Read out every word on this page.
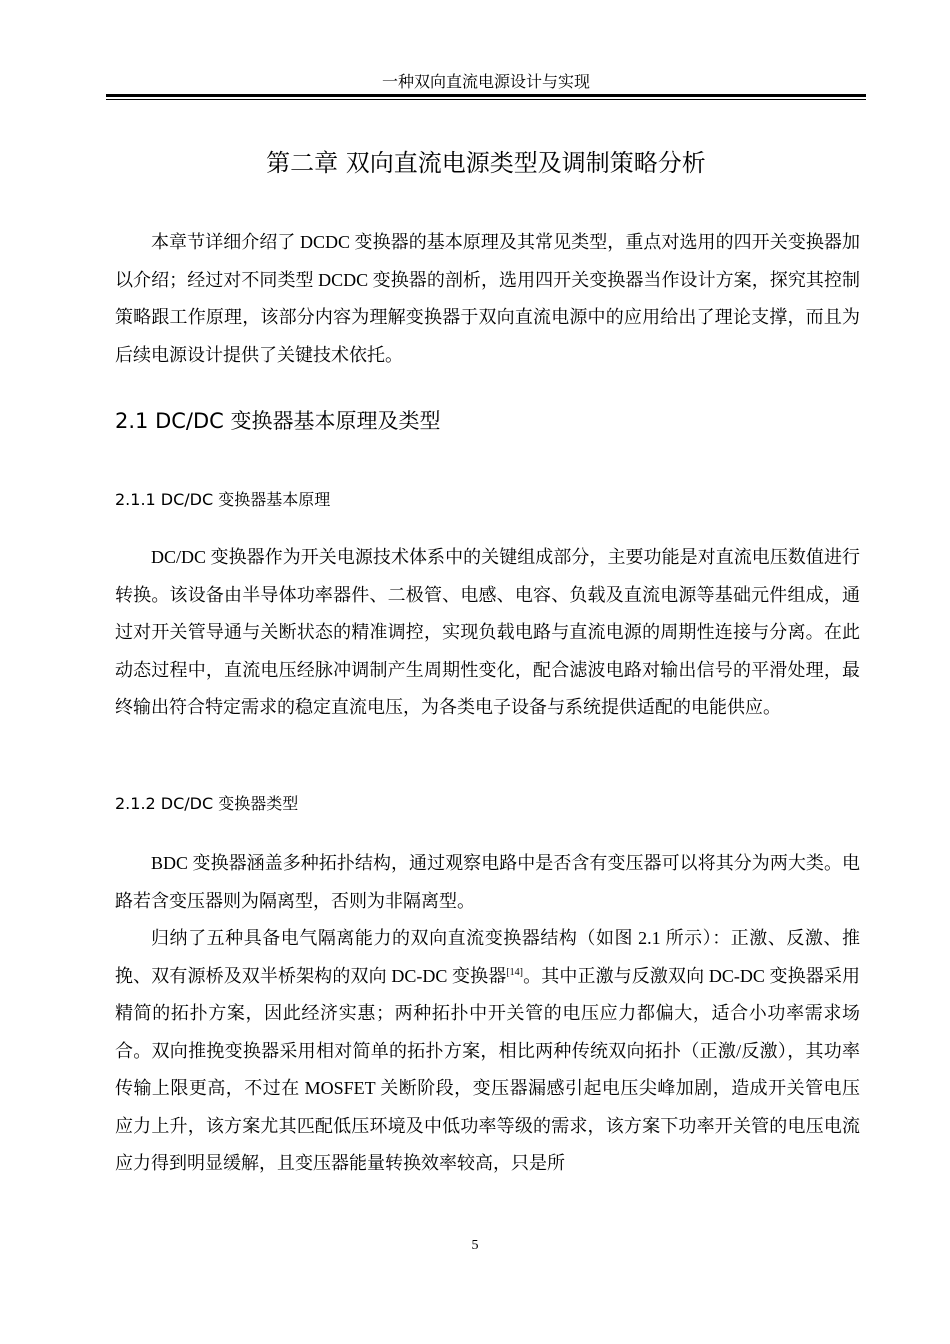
一种双向直流电源设计与实现
第二章 双向直流电源类型及调制策略分析

本章节详细介绍了 DCDC 变换器的基本原理及其常见类型，重点对选用的四开关变换器加以介绍；经过对不同类型 DCDC 变换器的剖析，选用四开关变换器当作设计方案，探究其控制策略跟工作原理，该部分内容为理解变换器于双向直流电源中的应用给出了理论支撑，而且为后续电源设计提供了关键技术依托。

2.1 DC/DC 变换器基本原理及类型
2.1.1 DC/DC 变换器基本原理

DC/DC 变换器作为开关电源技术体系中的关键组成部分，主要功能是对直流电压数值进行转换。该设备由半导体功率器件、二极管、电感、电容、负载及直流电源等基础元件组成，通过对开关管导通与关断状态的精准调控，实现负载电路与直流电源的周期性连接与分离。在此动态过程中，直流电压经脉冲调制产生周期性变化，配合滤波电路对输出信号的平滑处理，最终输出符合特定需求的稳定直流电压，为各类电子设备与系统提供适配的电能供应。

2.1.2 DC/DC 变换器类型

BDC 变换器涵盖多种拓扑结构，通过观察电路中是否含有变压器可以将其分为两大类。电路若含变压器则为隔离型，否则为非隔离型。

归纳了五种具备电气隔离能力的双向直流变换器结构（如图 2.1 所示）：正激、反激、推挽、双有源桥及双半桥架构的双向 DC-DC 变换器[14]。其中正激与反激双向 DC-DC 变换器采用精简的拓扑方案，因此经济实惠；两种拓扑中开关管的电压应力都偏大，适合小功率需求场合。双向推挽变换器采用相对简单的拓扑方案，相比两种传统双向拓扑（正激/反激），其功率传输上限更高，不过在 MOSFET 关断阶段，变压器漏感引起电压尖峰加剧，造成开关管电压应力上升，该方案尤其匹配低压环境及中低功率等级的需求，该方案下功率开关管的电压电流应力得到明显缓解，且变压器能量转换效率较高，只是所

5
